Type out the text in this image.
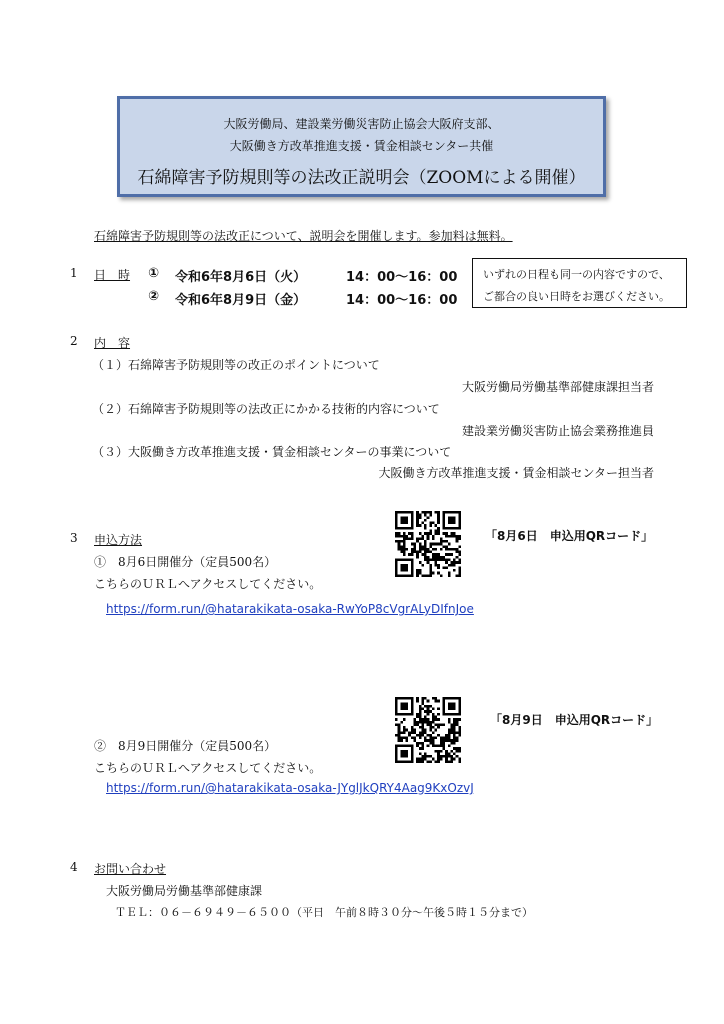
大阪労働局、建設業労働災害防止協会大阪府支部、
大阪働き方改革推進支援・賃金相談センター共催
石綿障害予防規則等の法改正説明会（ZOOMによる開催）
石綿障害予防規則等の法改正について、説明会を開催します。参加料は無料。
1 日　時 ① 令和6年8月6日（火）	14：00～16：00
② 令和6年8月9日（金）	14：00～16：00
いずれの日程も同一の内容ですので、
ご都合の良い日時をお選びください。
2 内　容
（１）石綿障害予防規則等の改正のポイントについて
大阪労働局労働基準部健康課担当者
（２）石綿障害予防規則等の法改正にかかる技術的内容について
建設業労働災害防止協会業務推進員
（３）大阪働き方改革推進支援・賃金相談センターの事業について
大阪働き方改革推進支援・賃金相談センター担当者
3 申込方法	「8月6日　申込用QRコード」
①　8月6日開催分（定員500名）
こちらのＵＲＬへアクセスしてください。
https://form.run/@hatarakikata-osaka-RwYoP8cVgrALyDIfnJoe
「8月9日　申込用QRコード」
②　8月9日開催分（定員500名）
こちらのＵＲＬへアクセスしてください。
https://form.run/@hatarakikata-osaka-JYglJkQRY4Aag9KxOzvJ
4 お問い合わせ
大阪労働局労働基準部健康課
ＴＥＬ：０６－６９４９－６５００（平日　午前８時３０分～午後５時１５分まで）
